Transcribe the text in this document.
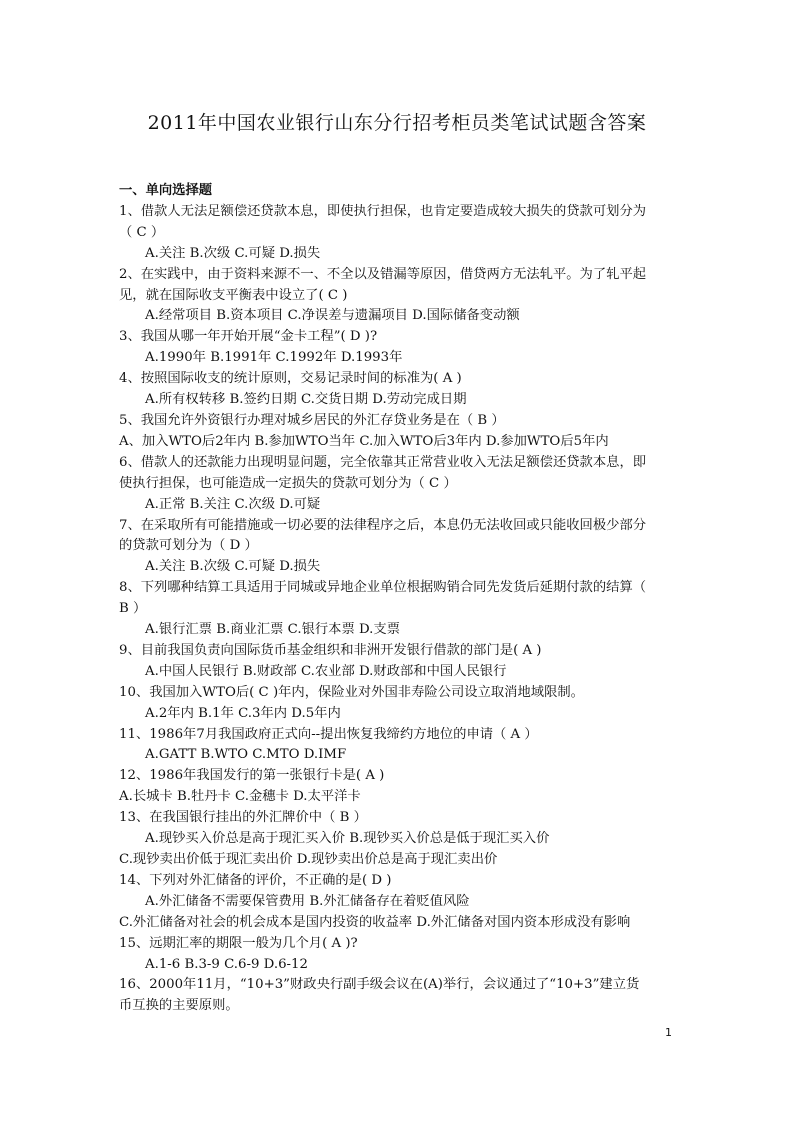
2011年中国农业银行山东分行招考柜员类笔试试题含答案
一、单向选择题
1、借款人无法足额偿还贷款本息，即使执行担保，也肯定要造成较大损失的贷款可划分为
（ C ）
A.关注 B.次级 C.可疑 D.损失
2、在实践中，由于资料来源不一、不全以及错漏等原因，借贷两方无法轧平。为了轧平起
见，就在国际收支平衡表中设立了( C )
A.经常项目 B.资本项目 C.净误差与遗漏项目 D.国际储备变动额
3、我国从哪一年开始开展“金卡工程”( D )?
A.1990年 B.1991年 C.1992年 D.1993年
4、按照国际收支的统计原则，交易记录时间的标准为( A )
A.所有权转移 B.签约日期 C.交货日期 D.劳动完成日期
5、我国允许外资银行办理对城乡居民的外汇存贷业务是在（ B ）
A、加入WTO后2年内 B.参加WTO当年 C.加入WTO后3年内 D.参加WTO后5年内
6、借款人的还款能力出现明显问题，完全依靠其正常营业收入无法足额偿还贷款本息，即
使执行担保，也可能造成一定损失的贷款可划分为（ C ）
A.正常 B.关注 C.次级 D.可疑
7、在采取所有可能措施或一切必要的法律程序之后，本息仍无法收回或只能收回极少部分
的贷款可划分为（ D ）
A.关注 B.次级 C.可疑 D.损失
8、下列哪种结算工具适用于同城或异地企业单位根据购销合同先发货后延期付款的结算（
B ）
A.银行汇票 B.商业汇票 C.银行本票 D.支票
9、目前我国负责向国际货币基金组织和非洲开发银行借款的部门是( A )
A.中国人民银行 B.财政部 C.农业部 D.财政部和中国人民银行
10、我国加入WTO后( C )年内，保险业对外国非寿险公司设立取消地域限制。
A.2年内 B.1年 C.3年内 D.5年内
11、1986年7月我国政府正式向--提出恢复我缔约方地位的申请（ A ）
A.GATT B.WTO C.MTO D.IMF
12、1986年我国发行的第一张银行卡是( A )
A.长城卡 B.牡丹卡 C.金穗卡 D.太平洋卡
13、在我国银行挂出的外汇牌价中（ B ）
A.现钞买入价总是高于现汇买入价 B.现钞买入价总是低于现汇买入价
C.现钞卖出价低于现汇卖出价 D.现钞卖出价总是高于现汇卖出价
14、下列对外汇储备的评价，不正确的是( D )
A.外汇储备不需要保管费用 B.外汇储备存在着贬值风险
C.外汇储备对社会的机会成本是国内投资的收益率 D.外汇储备对国内资本形成没有影响
15、远期汇率的期限一般为几个月( A )?
A.1-6 B.3-9 C.6-9 D.6-12
16、2000年11月，“10+3”财政央行副手级会议在(A)举行，会议通过了“10+3”建立货
币互换的主要原则。
1
